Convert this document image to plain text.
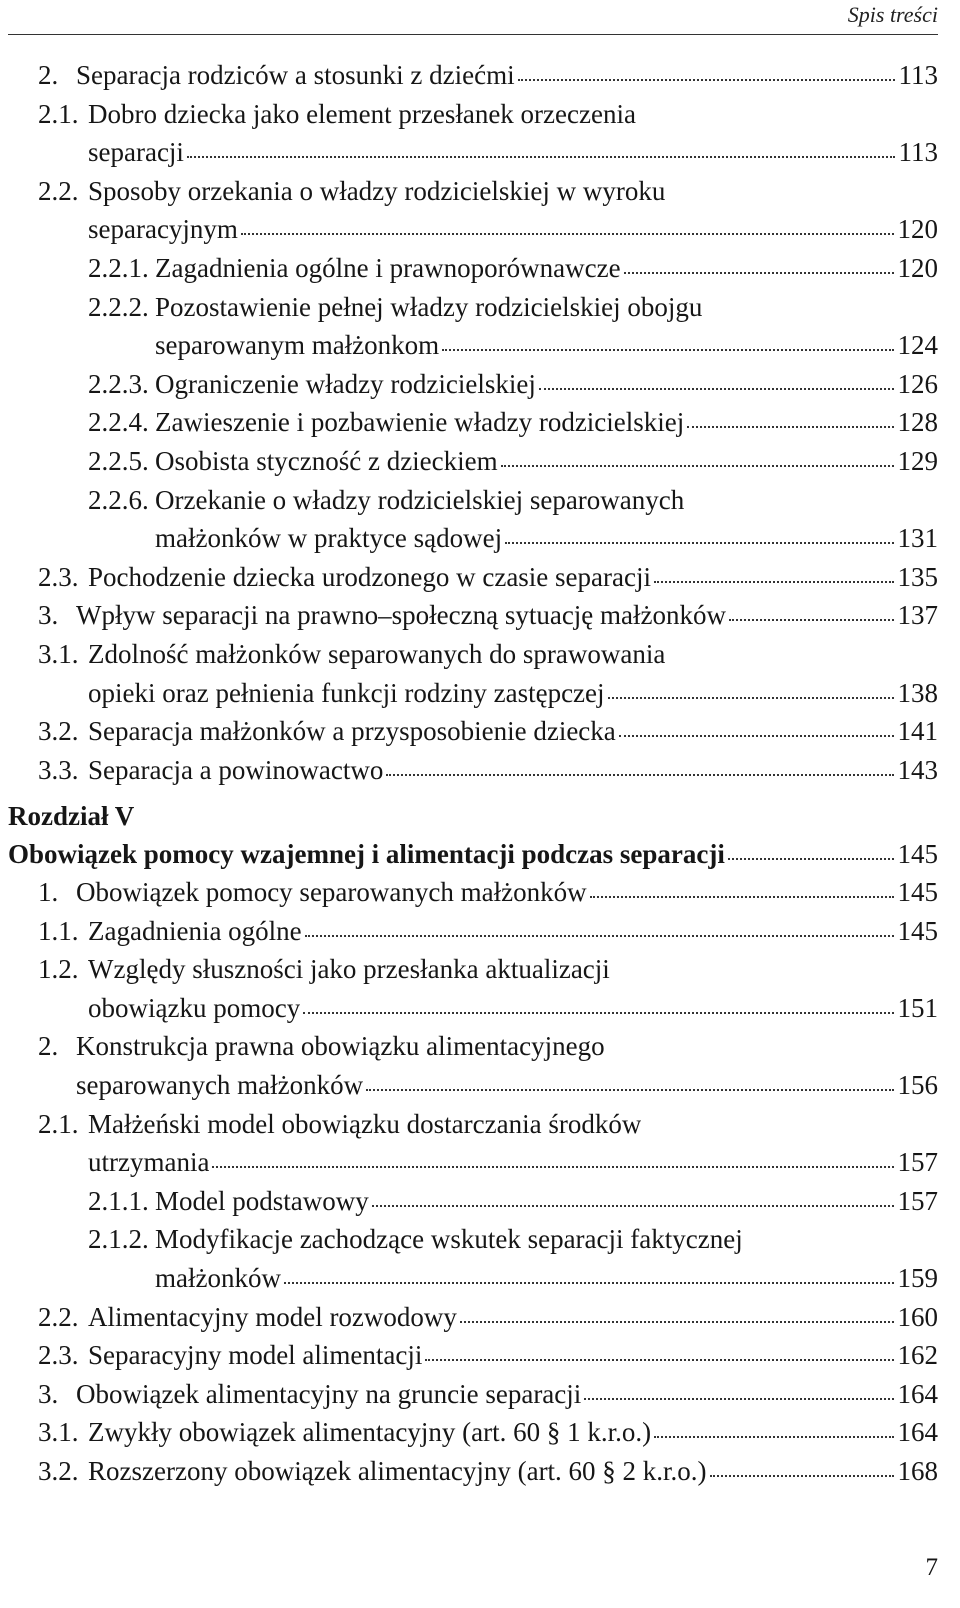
Spis treści
2. Separacja rodziców a stosunki z dziećmi	113
2.1. Dobro dziecka jako element przesłanek orzeczenia
separacji	113
2.2. Sposoby orzekania o władzy rodzicielskiej w wyroku
separacyjnym	120
2.2.1. Zagadnienia ogólne i prawnoporównawcze	120
2.2.2. Pozostawienie pełnej władzy rodzicielskiej obojgu
separowanym małżonkom	124
2.2.3. Ograniczenie władzy rodzicielskiej	126
2.2.4. Zawieszenie i pozbawienie władzy rodzicielskiej	128
2.2.5. Osobista styczność z dzieckiem	129
2.2.6. Orzekanie o władzy rodzicielskiej separowanych
małżonków w praktyce sądowej	131
2.3. Pochodzenie dziecka urodzonego w czasie separacji	135
3. Wpływ separacji na prawno–społeczną sytuację małżonków	137
3.1. Zdolność małżonków separowanych do sprawowania
opieki oraz pełnienia funkcji rodziny zastępczej	138
3.2. Separacja małżonków a przysposobienie dziecka	141
3.3. Separacja a powinowactwo	143
Rozdział V
Obowiązek pomocy wzajemnej i alimentacji podczas separacji	145
1. Obowiązek pomocy separowanych małżonków	145
1.1. Zagadnienia ogólne	145
1.2. Względy słuszności jako przesłanka aktualizacji
obowiązku pomocy	151
2. Konstrukcja prawna obowiązku alimentacyjnego
separowanych małżonków	156
2.1. Małżeński model obowiązku dostarczania środków
utrzymania	157
2.1.1. Model podstawowy	157
2.1.2. Modyfikacje zachodzące wskutek separacji faktycznej
małżonków	159
2.2. Alimentacyjny model rozwodowy	160
2.3. Separacyjny model alimentacji	162
3. Obowiązek alimentacyjny na gruncie separacji	164
3.1. Zwykły obowiązek alimentacyjny (art. 60 § 1 k.r.o.)	164
3.2. Rozszerzony obowiązek alimentacyjny (art. 60 § 2 k.r.o.)	168
7
